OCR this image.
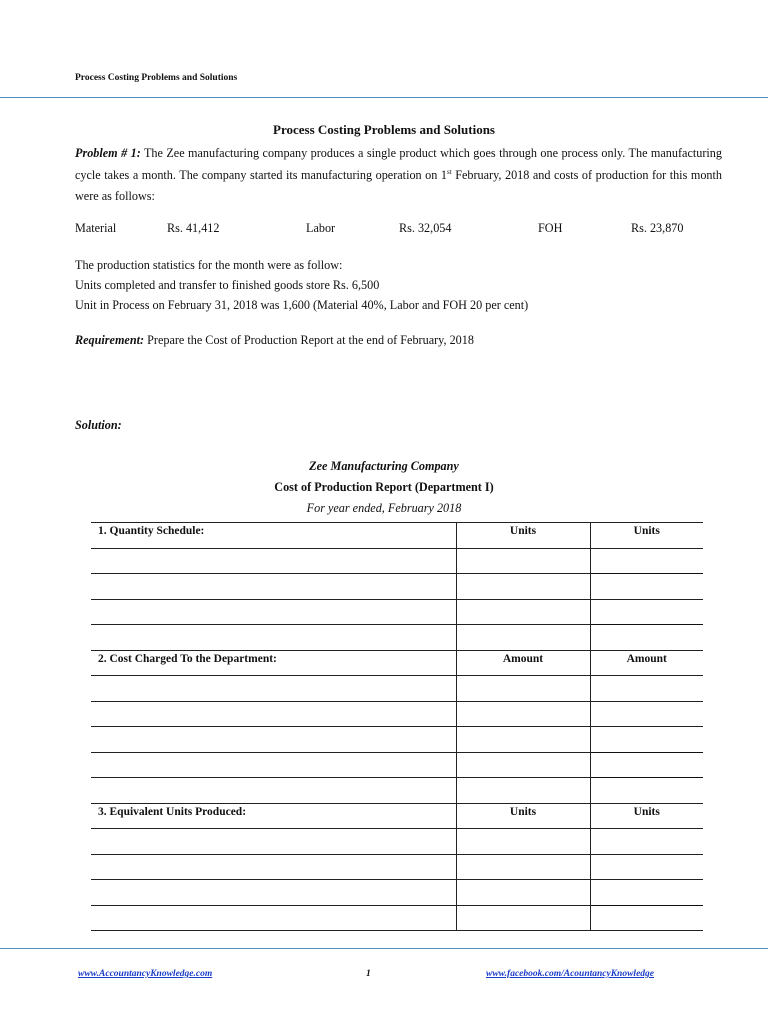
Process Costing Problems and Solutions
Process Costing Problems and Solutions

Problem # 1: The Zee manufacturing company produces a single product which goes through one process only. The manufacturing cycle takes a month. The company started its manufacturing operation on 1st February, 2018 and costs of production for this month were as follows:

Material	Rs. 41,412	Labor	Rs. 32,054	FOH	Rs. 23,870
The production statistics for the month were as follow:
Units completed and transfer to finished goods store Rs. 6,500
Unit in Process on February 31, 2018 was 1,600 (Material 40%, Labor and FOH 20 per cent)
Requirement: Prepare the Cost of Production Report at the end of February, 2018
Solution:
Zee Manufacturing Company
Cost of Production Report (Department I)
For year ended, February 2018
1. Quantity Schedule:	Units	Units

2. Cost Charged To the Department:	Amount	Amount

3. Equivalent Units Produced:	Units	Units

www.AccountancyKnowledge.com	1	www.facebook.com/AcountancyKnowledge
